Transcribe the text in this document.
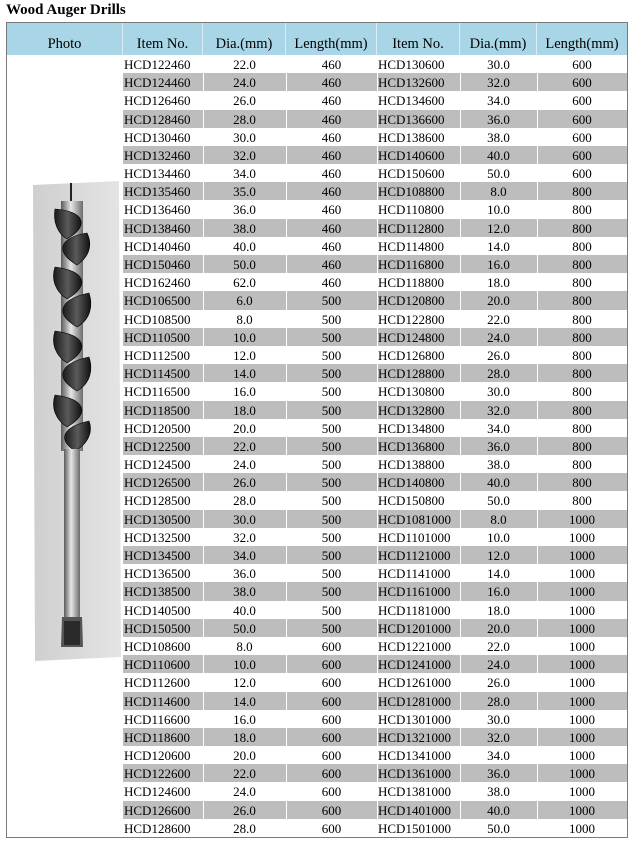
Wood Auger Drills
Photo	Item No.	Dia.(mm)	Length(mm)	Item No.	Dia.(mm)	Length(mm)
HCD122460	22.0	460	HCD130600	30.0	600
HCD124460	24.0	460	HCD132600	32.0	600
HCD126460	26.0	460	HCD134600	34.0	600
HCD128460	28.0	460	HCD136600	36.0	600
HCD130460	30.0	460	HCD138600	38.0	600
HCD132460	32.0	460	HCD140600	40.0	600
HCD134460	34.0	460	HCD150600	50.0	600
HCD135460	35.0	460	HCD108800	8.0	800
HCD136460	36.0	460	HCD110800	10.0	800
HCD138460	38.0	460	HCD112800	12.0	800
HCD140460	40.0	460	HCD114800	14.0	800
HCD150460	50.0	460	HCD116800	16.0	800
HCD162460	62.0	460	HCD118800	18.0	800
HCD106500	6.0	500	HCD120800	20.0	800
HCD108500	8.0	500	HCD122800	22.0	800
HCD110500	10.0	500	HCD124800	24.0	800
HCD112500	12.0	500	HCD126800	26.0	800
HCD114500	14.0	500	HCD128800	28.0	800
HCD116500	16.0	500	HCD130800	30.0	800
HCD118500	18.0	500	HCD132800	32.0	800
HCD120500	20.0	500	HCD134800	34.0	800
HCD122500	22.0	500	HCD136800	36.0	800
HCD124500	24.0	500	HCD138800	38.0	800
HCD126500	26.0	500	HCD140800	40.0	800
HCD128500	28.0	500	HCD150800	50.0	800
HCD130500	30.0	500	HCD1081000	8.0	1000
HCD132500	32.0	500	HCD1101000	10.0	1000
HCD134500	34.0	500	HCD1121000	12.0	1000
HCD136500	36.0	500	HCD1141000	14.0	1000
HCD138500	38.0	500	HCD1161000	16.0	1000
HCD140500	40.0	500	HCD1181000	18.0	1000
HCD150500	50.0	500	HCD1201000	20.0	1000
HCD108600	8.0	600	HCD1221000	22.0	1000
HCD110600	10.0	600	HCD1241000	24.0	1000
HCD112600	12.0	600	HCD1261000	26.0	1000
HCD114600	14.0	600	HCD1281000	28.0	1000
HCD116600	16.0	600	HCD1301000	30.0	1000
HCD118600	18.0	600	HCD1321000	32.0	1000
HCD120600	20.0	600	HCD1341000	34.0	1000
HCD122600	22.0	600	HCD1361000	36.0	1000
HCD124600	24.0	600	HCD1381000	38.0	1000
HCD126600	26.0	600	HCD1401000	40.0	1000
HCD128600	28.0	600	HCD1501000	50.0	1000
